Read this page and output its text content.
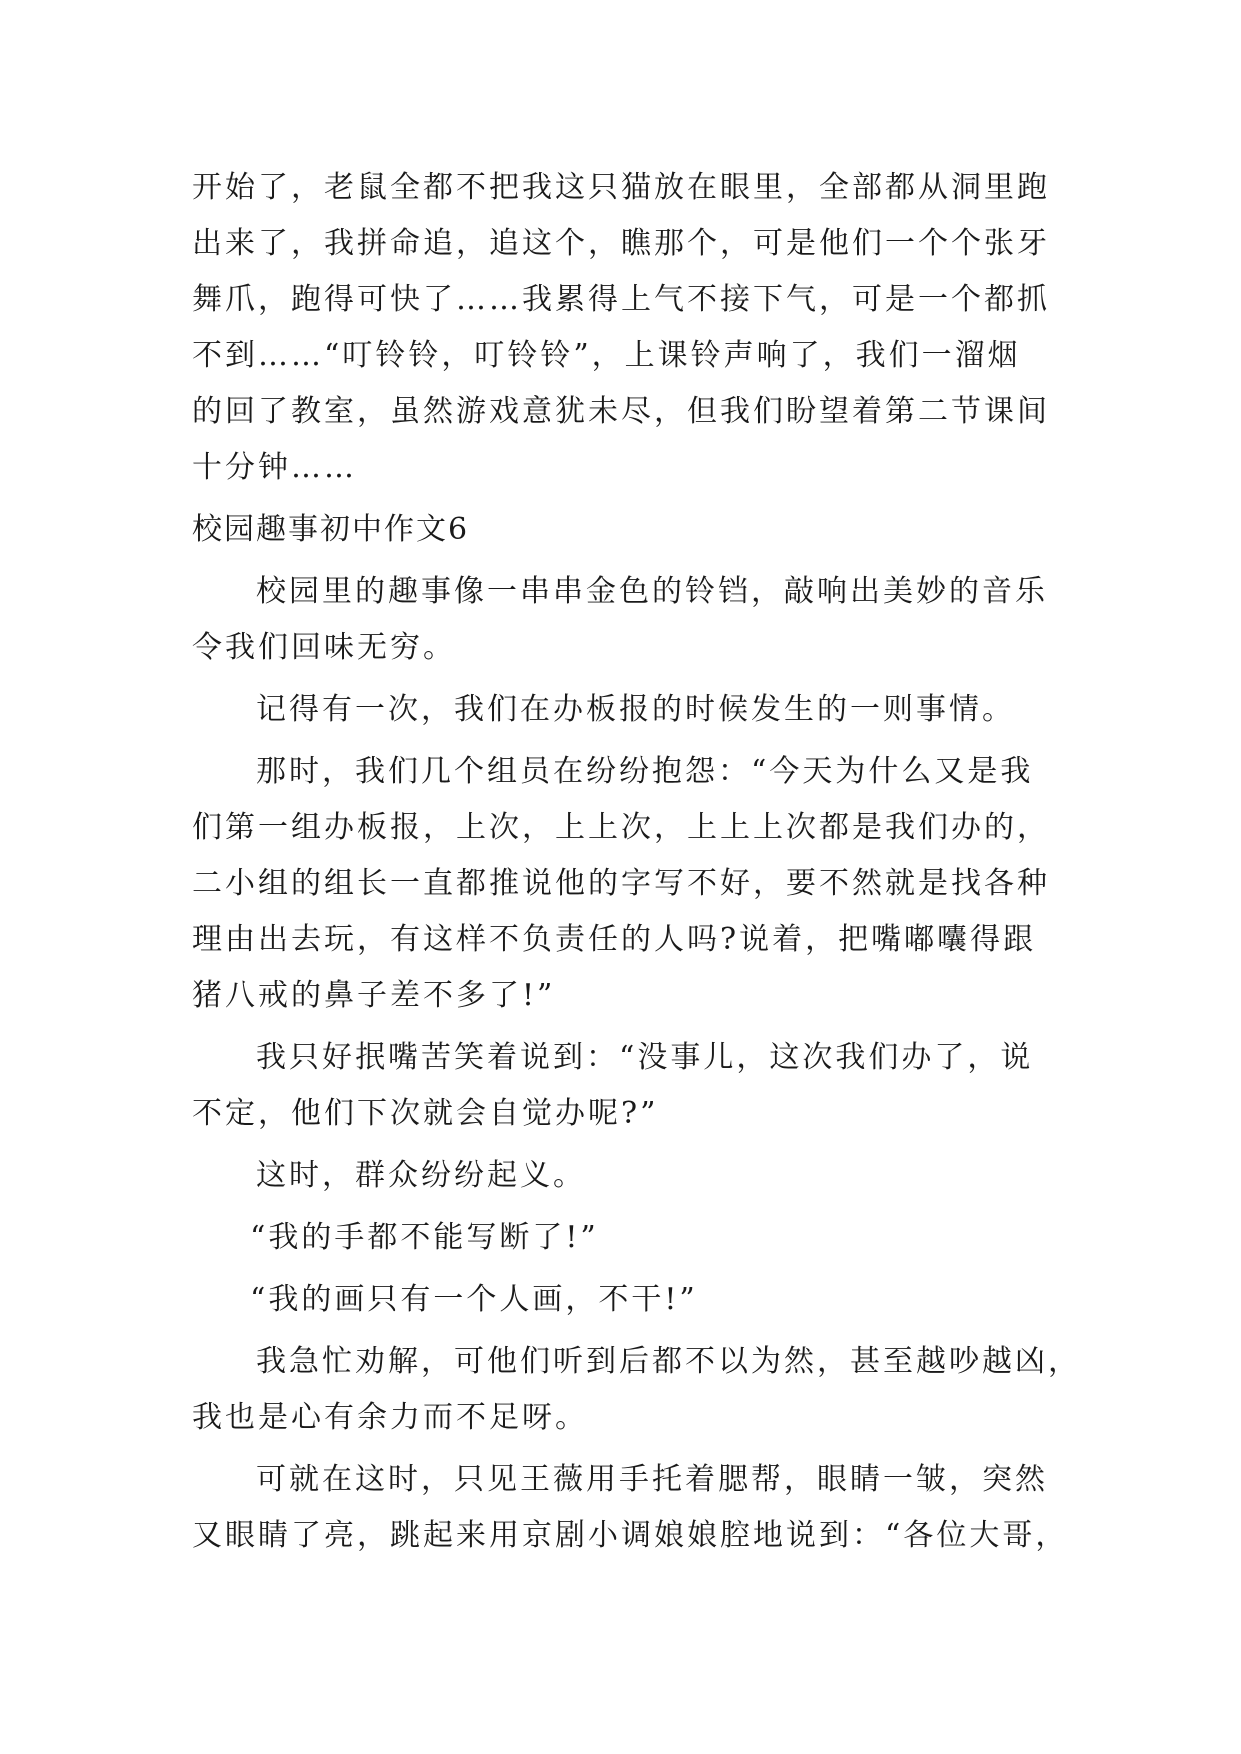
开始了，老鼠全都不把我这只猫放在眼里，全部都从洞里跑
出来了，我拼命追，追这个，瞧那个，可是他们一个个张牙
舞爪，跑得可快了……我累得上气不接下气，可是一个都抓
不到……“叮铃铃，叮铃铃”，上课铃声响了，我们一溜烟
的回了教室，虽然游戏意犹未尽，但我们盼望着第二节课间
十分钟……
校园趣事初中作文6
校园里的趣事像一串串金色的铃铛，敲响出美妙的音乐
令我们回味无穷。
记得有一次，我们在办板报的时候发生的一则事情。
那时，我们几个组员在纷纷抱怨：“今天为什么又是我
们第一组办板报，上次，上上次，上上上次都是我们办的，
二小组的组长一直都推说他的字写不好，要不然就是找各种
理由出去玩，有这样不负责任的人吗?说着，把嘴嘟囔得跟
猪八戒的鼻子差不多了!”
我只好抿嘴苦笑着说到：“没事儿，这次我们办了，说
不定，他们下次就会自觉办呢?”
这时，群众纷纷起义。
“我的手都不能写断了!”
“我的画只有一个人画，不干!”
我急忙劝解，可他们听到后都不以为然，甚至越吵越凶，
我也是心有余力而不足呀。
可就在这时，只见王薇用手托着腮帮，眼睛一皱，突然
又眼睛了亮，跳起来用京剧小调娘娘腔地说到：“各位大哥，
